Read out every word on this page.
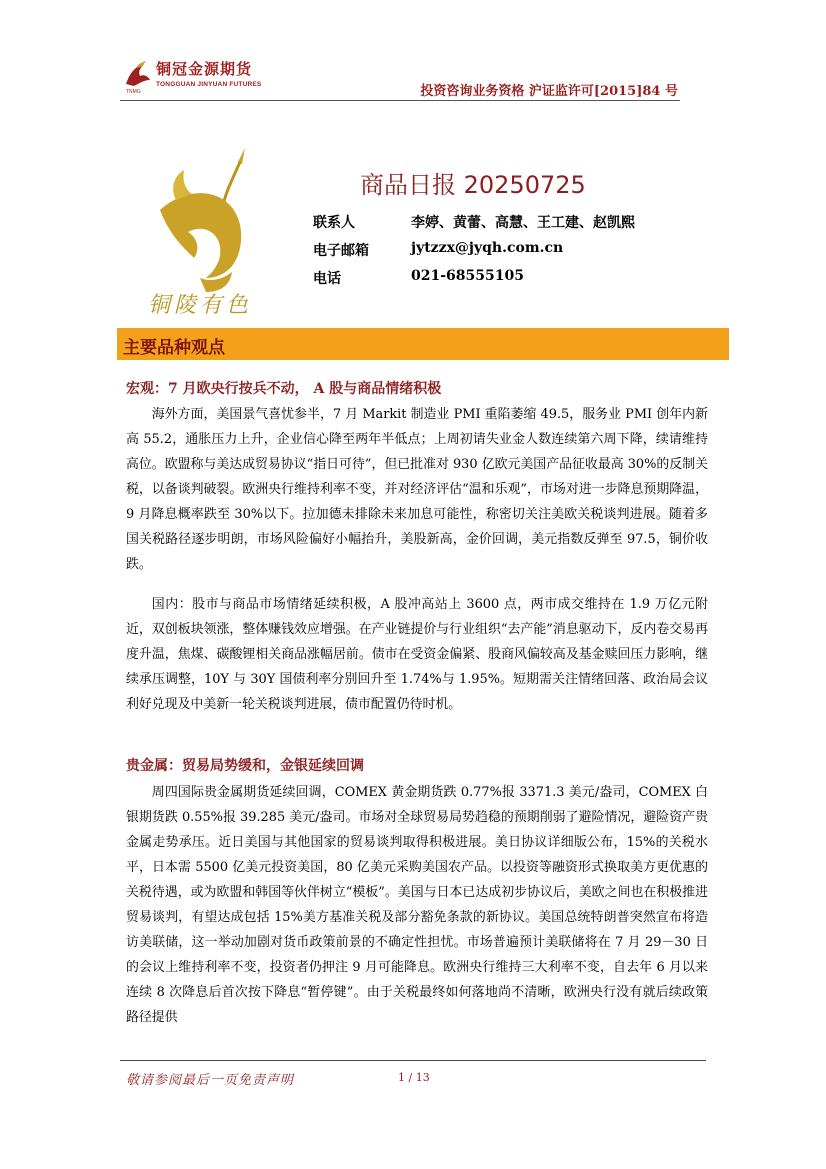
TNMG
铜冠金源期货
TONGGUAN JINYUAN FUTURES	投资咨询业务资格 沪证监许可[2015]84 号
铜陵有色
商品日报 20250725
联系人	李婷、黄蕾、高慧、王工建、赵凯熙
电子邮箱	jytzzx@jyqh.com.cn
电话	021-68555105
主要品种观点
宏观：7 月欧央行按兵不动， A 股与商品情绪积极
海外方面，美国景气喜忧参半，7 月 Markit 制造业 PMI 重陷萎缩 49.5，服务业 PMI 创年内新高 55.2，通胀压力上升，企业信心降至两年半低点；上周初请失业金人数连续第六周下降，续请维持高位。欧盟称与美达成贸易协议“指日可待”，但已批准对 930 亿欧元美国产品征收最高 30%的反制关税，以备谈判破裂。欧洲央行维持利率不变，并对经济评估“温和乐观”，市场对进一步降息预期降温，9 月降息概率跌至 30%以下。拉加德未排除未来加息可能性，称密切关注美欧关税谈判进展。随着多国关税路径逐步明朗，市场风险偏好小幅抬升，美股新高，金价回调，美元指数反弹至 97.5，铜价收跌。
国内：股市与商品市场情绪延续积极，A 股冲高站上 3600 点，两市成交维持在 1.9 万亿元附近，双创板块领涨，整体赚钱效应增强。在产业链提价与行业组织“去产能”消息驱动下，反内卷交易再度升温，焦煤、碳酸锂相关商品涨幅居前。债市在受资金偏紧、股商风偏较高及基金赎回压力影响，继续承压调整，10Y 与 30Y 国债利率分别回升至 1.74%与 1.95%。短期需关注情绪回落、政治局会议利好兑现及中美新一轮关税谈判进展，债市配置仍待时机。
贵金属：贸易局势缓和，金银延续回调
周四国际贵金属期货延续回调，COMEX 黄金期货跌 0.77%报 3371.3 美元/盎司，COMEX 白银期货跌 0.55%报 39.285 美元/盎司。市场对全球贸易局势趋稳的预期削弱了避险情况，避险资产贵金属走势承压。近日美国与其他国家的贸易谈判取得积极进展。美日协议详细版公布，15%的关税水平，日本需 5500 亿美元投资美国，80 亿美元采购美国农产品。以投资等融资形式换取美方更优惠的关税待遇，或为欧盟和韩国等伙伴树立“模板”。美国与日本已达成初步协议后，美欧之间也在积极推进贸易谈判，有望达成包括 15%美方基准关税及部分豁免条款的新协议。美国总统特朗普突然宣布将造访美联储，这一举动加剧对货币政策前景的不确定性担忧。市场普遍预计美联储将在 7 月 29－30 日的会议上维持利率不变，投资者仍押注 9 月可能降息。欧洲央行维持三大利率不变，自去年 6 月以来连续 8 次降息后首次按下降息“暂停键”。由于关税最终如何落地尚不清晰，欧洲央行没有就后续政策路径提供
敬请参阅最后一页免责声明	1 / 13
